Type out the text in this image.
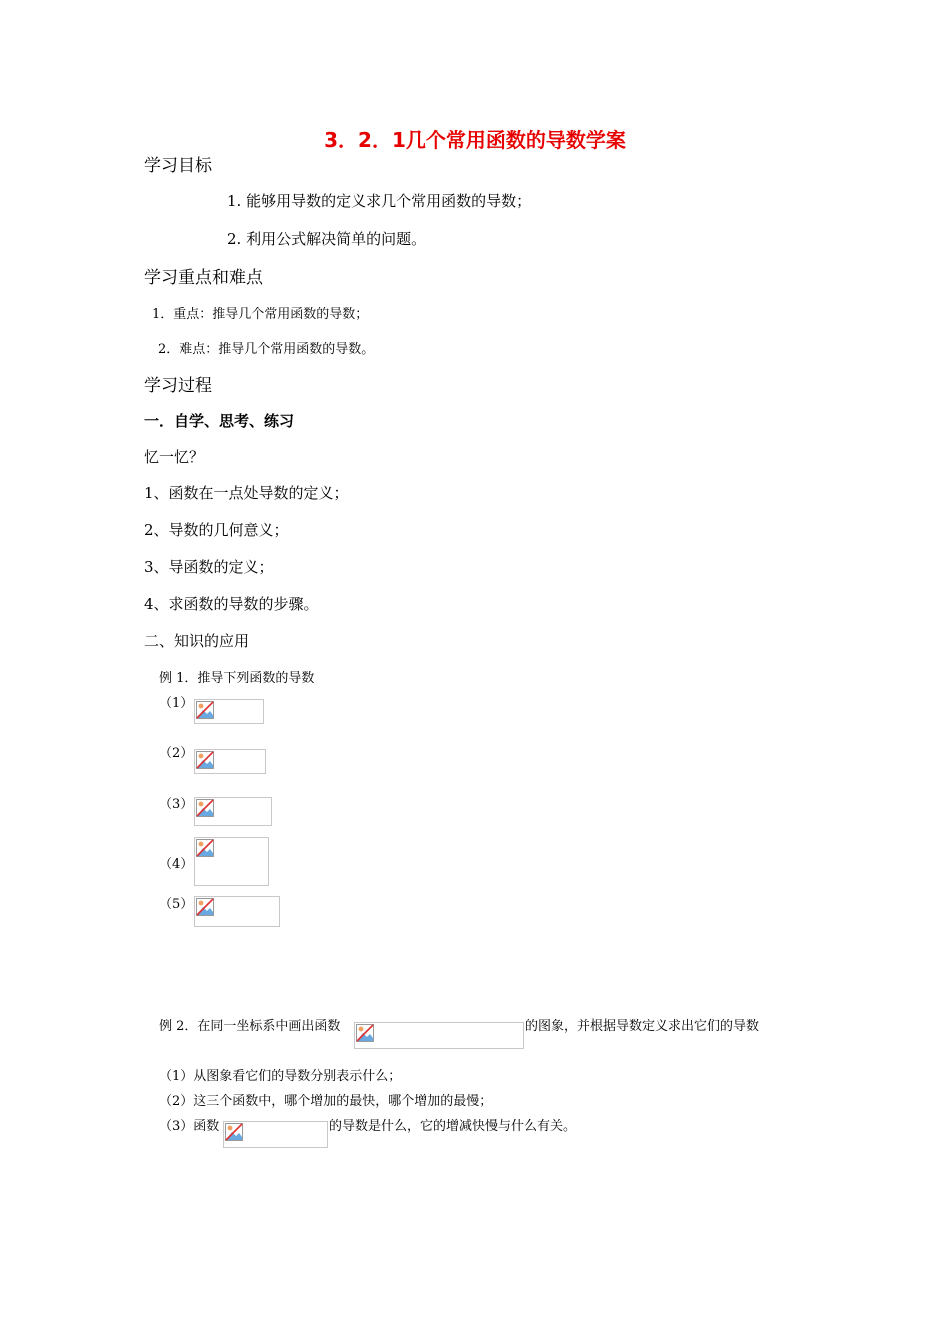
3．2．1几个常用函数的导数学案
学习目标
1. 能够用导数的定义求几个常用函数的导数；
2. 利用公式解决简单的问题。
学习重点和难点
1．重点：推导几个常用函数的导数；
2．难点：推导几个常用函数的导数。
学习过程
一．自学、思考、练习
忆一忆？
1、函数在一点处导数的定义；
2、导数的几何意义；
3、导函数的定义；
4、求函数的导数的步骤。
二、知识的应用
例 1．推导下列函数的导数
（1）
（2）
（3）
（4）
（5）
例 2．在同一坐标系中画出函数	的图象，并根据导数定义求出它们的导数
（1）从图象看它们的导数分别表示什么；
（2）这三个函数中，哪个增加的最快，哪个增加的最慢；
（3）函数	的导数是什么，它的增减快慢与什么有关。
